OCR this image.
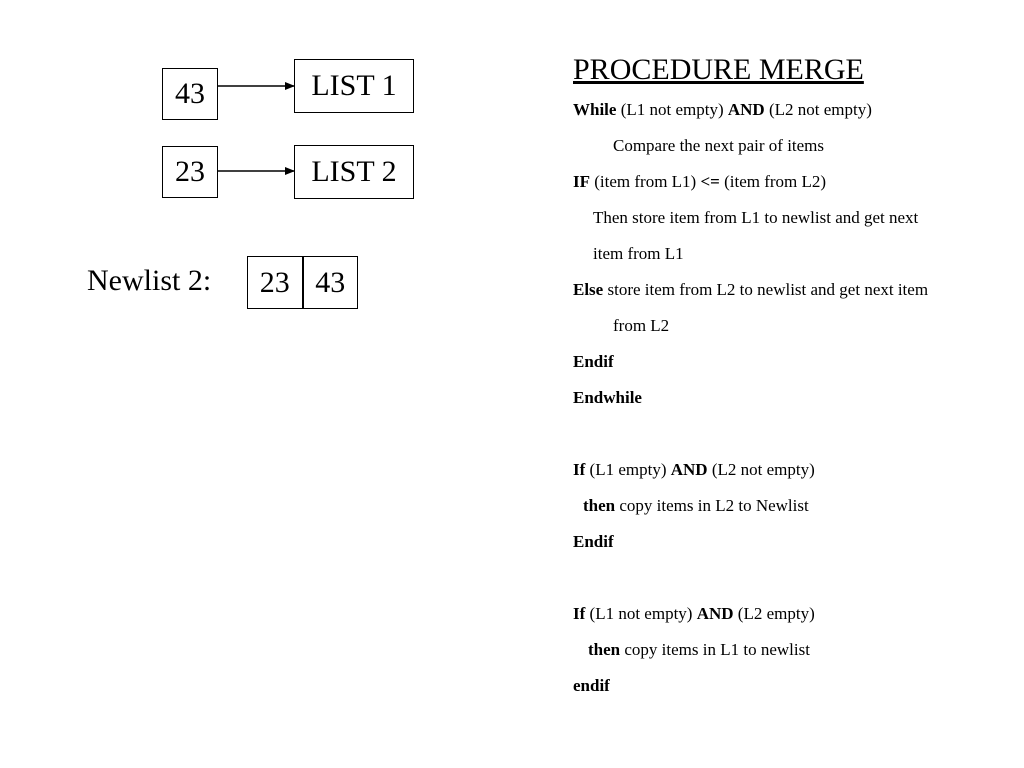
43	LIST 1
23	LIST 2
Newlist 2:	23 43
PROCEDURE MERGE
While (L1 not empty) AND (L2 not empty)
Compare the next pair of items
IF (item from L1) <= (item from L2)
Then store item from L1 to newlist and get next
item from L1
Else store item from L2 to newlist and get next item
from L2
Endif
Endwhile
If (L1 empty) AND (L2 not empty)
then copy items in L2 to Newlist
Endif
If (L1 not empty) AND (L2 empty)
then copy items in L1 to newlist
endif
